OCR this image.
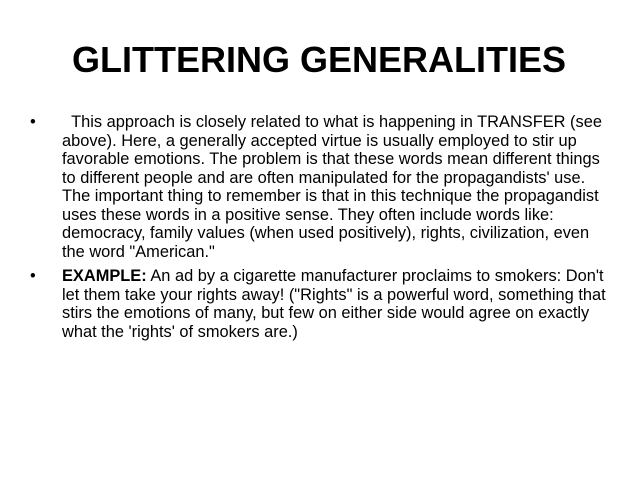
GLITTERING GENERALITIES
•	This approach is closely related to what is happening in TRANSFER (see above). Here, a generally accepted virtue is usually employed to stir up favorable emotions. The problem is that these words mean different things to different people and are often manipulated for the propagandists' use. The important thing to remember is that in this technique the propagandist uses these words in a positive sense. They often include words like: democracy, family values (when used positively), rights, civilization, even the word "American."
•	EXAMPLE: An ad by a cigarette manufacturer proclaims to smokers: Don't let them take your rights away! ("Rights" is a powerful word, something that stirs the emotions of many, but few on either side would agree on exactly what the 'rights' of smokers are.)
